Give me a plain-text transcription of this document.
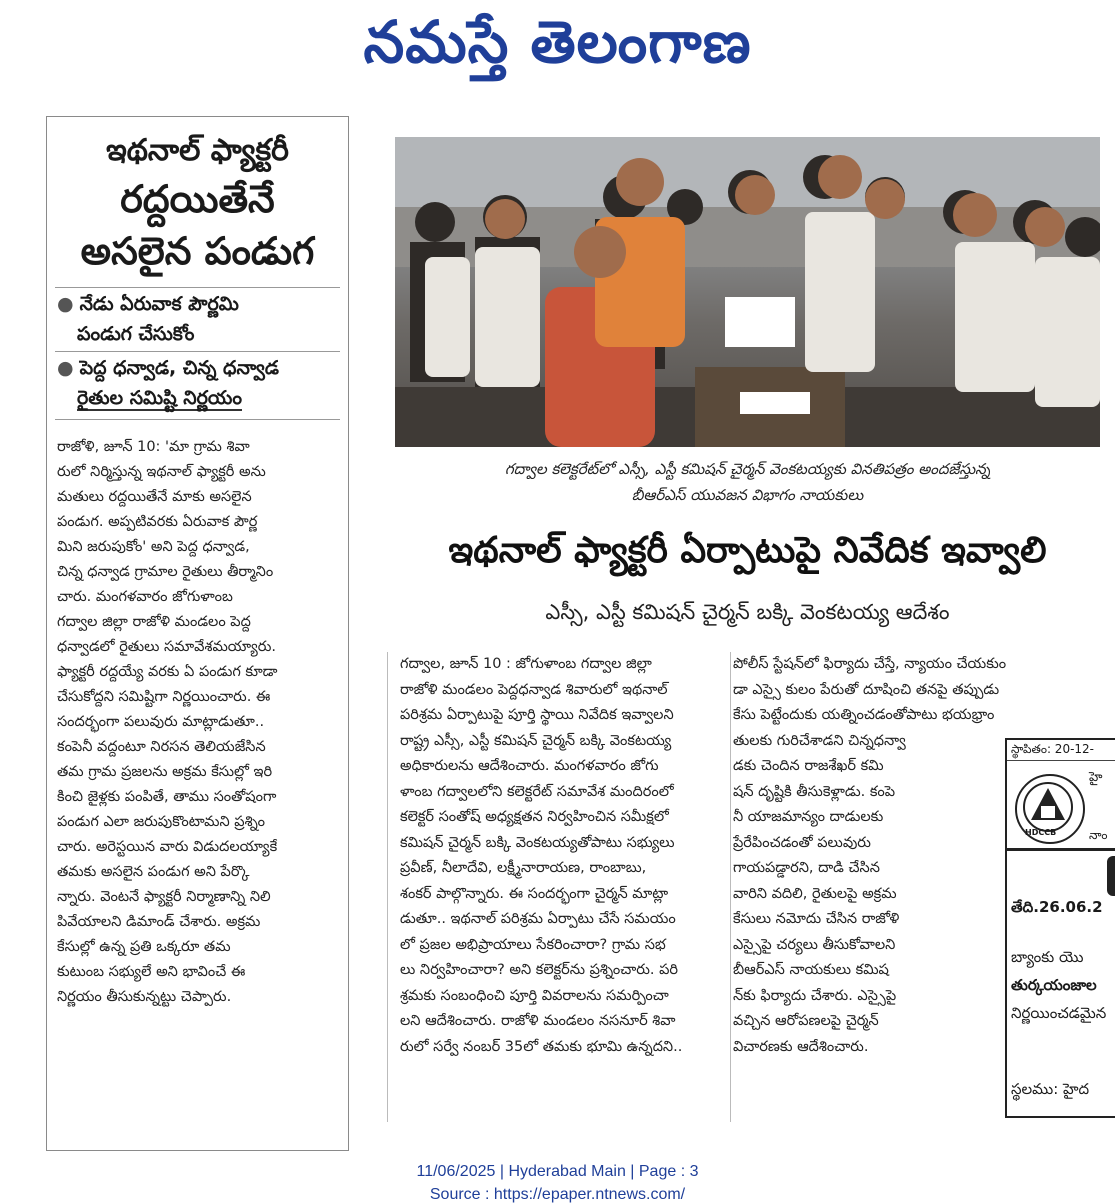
నమస్తే తెలంగాణ
ఇథనాల్ ఫ్యాక్టరీ
రద్దయితేనే
అసలైన పండుగ
● నేడు ఏరువాక పౌర్ణమి
పండుగ చేసుకోం
● పెద్ద ధన్వాడ, చిన్న ధన్వాడ
రైతుల సమిష్టి నిర్ణయం
రాజోళి, జూన్ 10: 'మా గ్రామ శివా
రులో నిర్మిస్తున్న ఇథనాల్ ఫ్యాక్టరీ అను
మతులు రద్దయితేనే మాకు అసలైన
పండుగ. అప్పటివరకు ఏరువాక పౌర్ణ
మిని జరుపుకోం' అని పెద్ద ధన్వాడ,
చిన్న ధన్వాడ గ్రామాల రైతులు తీర్మానిం
చారు. మంగళవారం జోగుళాంబ
గద్వాల జిల్లా రాజోళి మండలం పెద్ద
ధన్వాడలో రైతులు సమావేశమయ్యారు.
ఫ్యాక్టరీ రద్దయ్యే వరకు ఏ పండుగ కూడా
చేసుకోద్దని సమిష్టిగా నిర్ణయించారు. ఈ
సందర్భంగా పలువురు మాట్లాడుతూ..
కంపెనీ వద్దంటూ నిరసన తెలియజేసిన
తమ గ్రామ ప్రజలను అక్రమ కేసుల్లో ఇరి
కించి జైళ్లకు పంపితే, తాము సంతోషంగా
పండుగ ఎలా జరుపుకొంటామని ప్రశ్నిం
చారు. అరెస్టయిన వారు విడుదలయ్యాకే
తమకు అసలైన పండుగ అని పేర్కొ
న్నారు. వెంటనే ఫ్యాక్టరీ నిర్మాణాన్ని నిలి
పివేయాలని డిమాండ్ చేశారు. అక్రమ
కేసుల్లో ఉన్న ప్రతి ఒక్కరూ తమ
కుటుంబ సభ్యులే అని భావించే ఈ
నిర్ణయం తీసుకున్నట్టు చెప్పారు.
గద్వాల కలెక్టరేట్‌లో ఎస్సీ, ఎస్టీ కమిషన్ చైర్మన్ వెంకటయ్యకు వినతిపత్రం అందజేస్తున్న
బీఆర్‌ఎస్ యువజన విభాగం నాయకులు
ఇథనాల్ ఫ్యాక్టరీ ఏర్పాటుపై నివేదిక ఇవ్వాలి
ఎస్సీ, ఎస్టీ కమిషన్ చైర్మన్ బక్కి వెంకటయ్య ఆదేశం
గద్వాల, జూన్ 10 : జోగుళాంబ గద్వాల జిల్లా
రాజోళి మండలం పెద్దధన్వాడ శివారులో ఇథనాల్
పరిశ్రమ ఏర్పాటుపై పూర్తి స్థాయి నివేదిక ఇవ్వాలని
రాష్ట్ర ఎస్సీ, ఎస్టీ కమిషన్ చైర్మన్ బక్కి వెంకటయ్య
అధికారులను ఆదేశించారు. మంగళవారం జోగు
ళాంబ గద్వాలలోని కలెక్టరేట్ సమావేశ మందిరంలో
కలెక్టర్ సంతోష్ అధ్యక్షతన నిర్వహించిన సమీక్షలో
కమిషన్ చైర్మన్ బక్కి వెంకటయ్యతోపాటు సభ్యులు
ప్రవీణ్, నీలాదేవి, లక్ష్మీనారాయణ, రాంబాబు,
శంకర్ పాల్గొన్నారు. ఈ సందర్భంగా చైర్మన్ మాట్లా
డుతూ.. ఇథనాల్ పరిశ్రమ ఏర్పాటు చేసే సమయం
లో ప్రజల అభిప్రాయాలు సేకరించారా? గ్రామ సభ
లు నిర్వహించారా? అని కలెక్టర్‌ను ప్రశ్నించారు. పరి
శ్రమకు సంబంధించి పూర్తి వివరాలను సమర్పించా
లని ఆదేశించారు. రాజోళి మండలం నసనూర్ శివా
రులో సర్వే నంబర్ 35లో తమకు భూమి ఉన్నదని..
పోలీస్ స్టేషన్‌లో ఫిర్యాదు చేస్తే, న్యాయం చేయకుం
డా ఎస్సై కులం పేరుతో దూషించి తనపై తప్పుడు
కేసు పెట్టేందుకు యత్నించడంతోపాటు భయభ్రాం
తులకు గురిచేశాడని చిన్నధన్వా
డకు చెందిన రాజశేఖర్ కమి
షన్ దృష్టికి తీసుకెళ్లాడు. కంపె
నీ యాజమాన్యం దాడులకు
ప్రేరేపించడంతో పలువురు
గాయపడ్డారని, దాడి చేసిన
వారిని వదిలి, రైతులపై అక్రమ
కేసులు నమోదు చేసిన రాజోళి
ఎస్సైపై చర్యలు తీసుకోవాలని
బీఆర్‌ఎస్ నాయకులు కమిష
న్‌కు ఫిర్యాదు చేశారు. ఎస్సైపై
వచ్చిన ఆరోపణలపై చైర్మన్
విచారణకు ఆదేశించారు.
స్థాపితం: 20-12-
HDCCB
హై
నాం
తేది.26.06.2
బ్యాంకు యొ
తుర్కయంజాల
నిర్ణయించడమైన
స్థలము: హైద
11/06/2025 | Hyderabad Main | Page : 3
Source : https://epaper.ntnews.com/
